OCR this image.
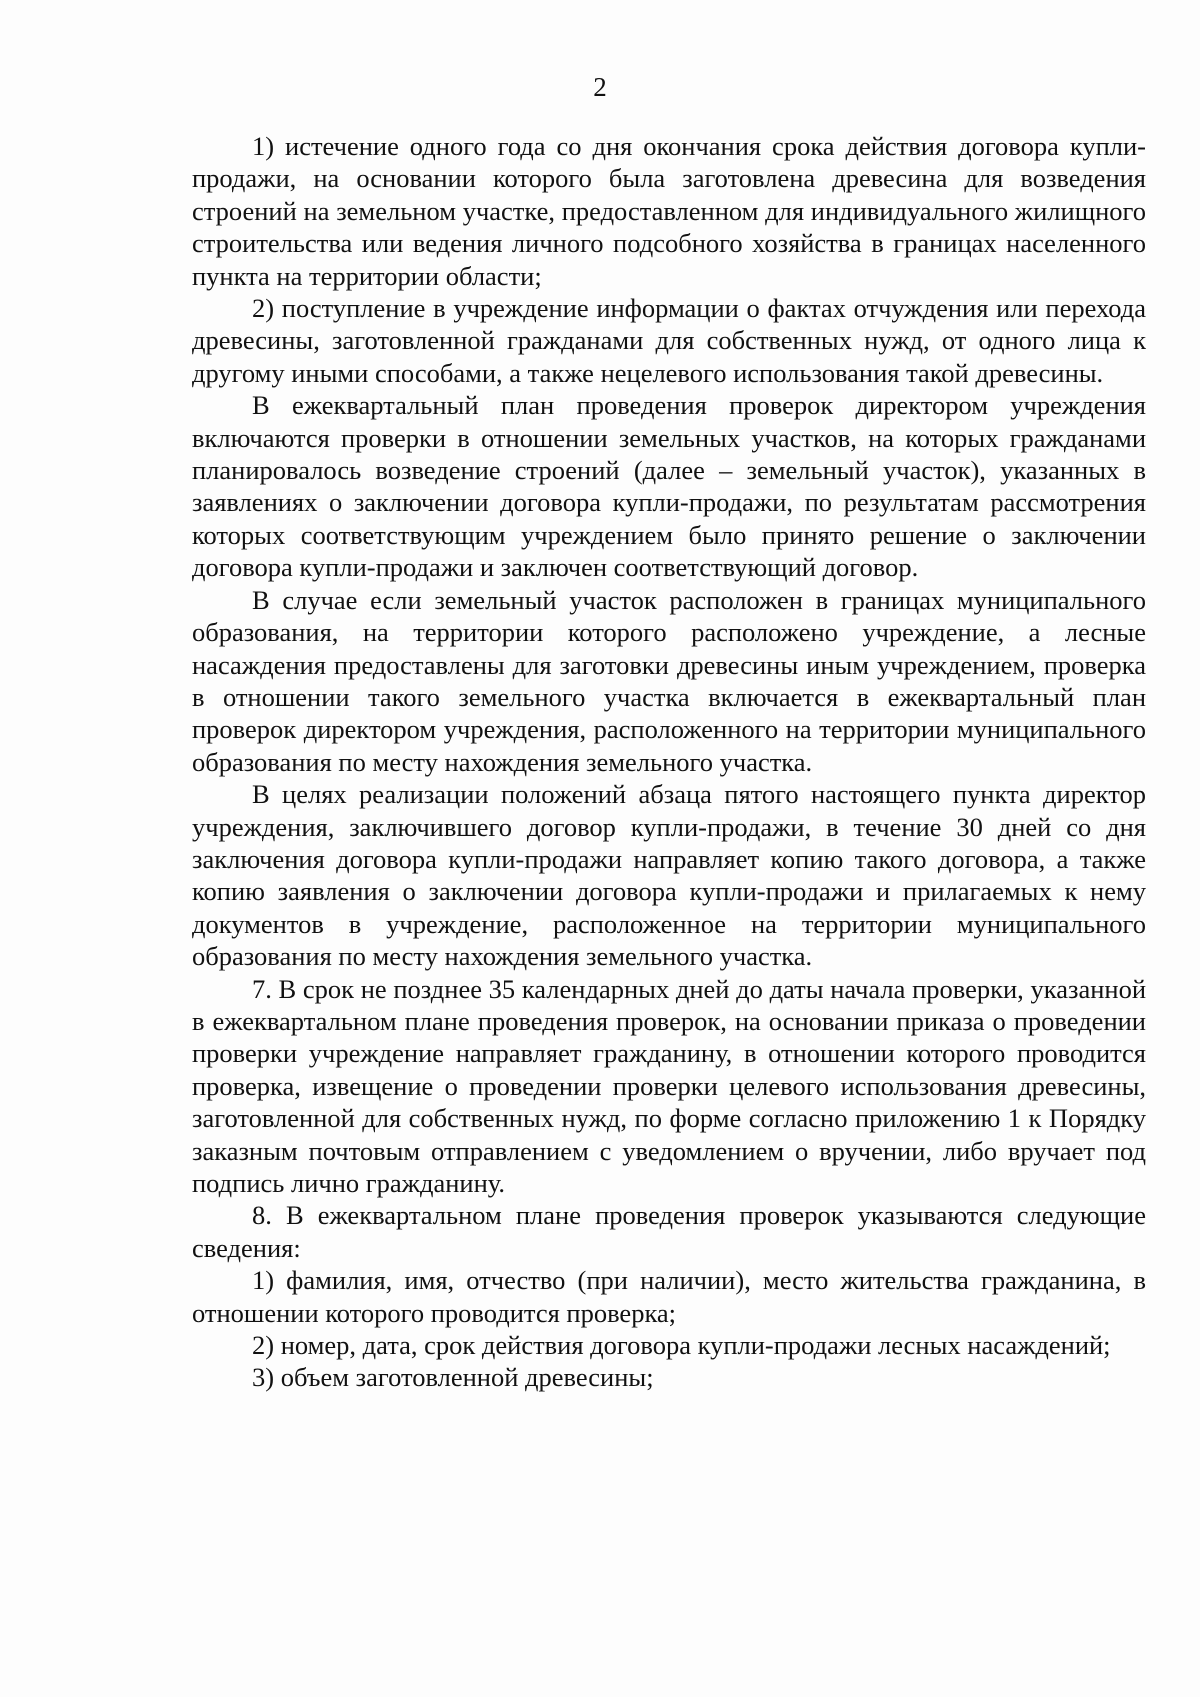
2

1) истечение одного года со дня окончания срока действия договора купли-продажи, на основании которого была заготовлена древесина для возведения строений на земельном участке, предоставленном для индивидуального жилищного строительства или ведения личного подсобного хозяйства в границах населенного пункта на территории области;

2) поступление в учреждение информации о фактах отчуждения или перехода древесины, заготовленной гражданами для собственных нужд, от одного лица к другому иными способами, а также нецелевого использования такой древесины.

В ежеквартальный план проведения проверок директором учреждения включаются проверки в отношении земельных участков, на которых гражданами планировалось возведение строений (далее – земельный участок), указанных в заявлениях о заключении договора купли-продажи, по результатам рассмотрения которых соответствующим учреждением было принято решение о заключении договора купли-продажи и заключен соответствующий договор.

В случае если земельный участок расположен в границах муниципального образования, на территории которого расположено учреждение, а лесные насаждения предоставлены для заготовки древесины иным учреждением, проверка в отношении такого земельного участка включается в ежеквартальный план проверок директором учреждения, расположенного на территории муниципального образования по месту нахождения земельного участка.

В целях реализации положений абзаца пятого настоящего пункта директор учреждения, заключившего договор купли-продажи, в течение 30 дней со дня заключения договора купли-продажи направляет копию такого договора, а также копию заявления о заключении договора купли-продажи и прилагаемых к нему документов в учреждение, расположенное на территории муниципального образования по месту нахождения земельного участка.

7. В срок не позднее 35 календарных дней до даты начала проверки, указанной в ежеквартальном плане проведения проверок, на основании приказа о проведении проверки учреждение направляет гражданину, в отношении которого проводится проверка, извещение о проведении проверки целевого использования древесины, заготовленной для собственных нужд, по форме согласно приложению 1 к Порядку заказным почтовым отправлением с уведомлением о вручении, либо вручает под подпись лично гражданину.

8. В ежеквартальном плане проведения проверок указываются следующие сведения:

1) фамилия, имя, отчество (при наличии), место жительства гражданина, в отношении которого проводится проверка;

2) номер, дата, срок действия договора купли-продажи лесных насаждений;

3) объем заготовленной древесины;
